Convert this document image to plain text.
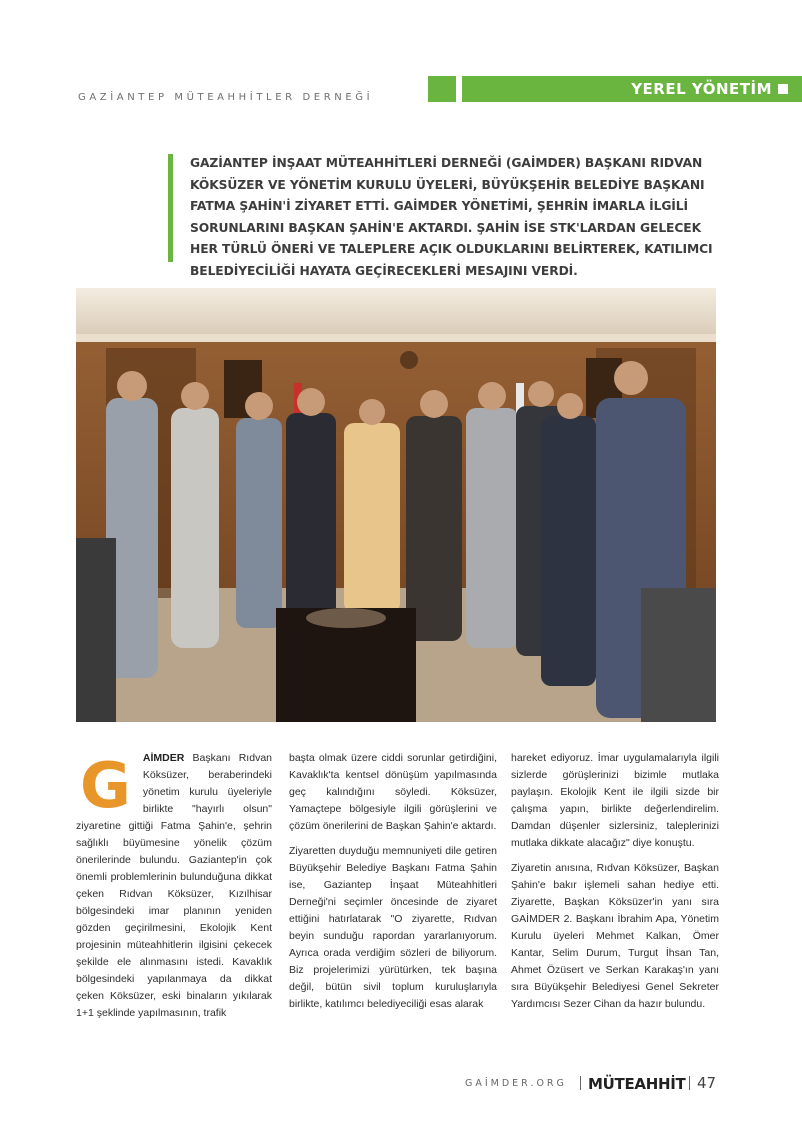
GAZİANTEP MÜTEAHHİTLER DERNEĞİ	YEREL YÖNETİM
GAZİANTEP İNŞAAT MÜTEAHHİTLERİ DERNEĞİ (GAİMDER) BAŞKANI RIDVAN KÖKSÜZER VE YÖNETİM KURULU ÜYELERİ, BÜYÜKŞEHİR BELEDİYE BAŞKANI FATMA ŞAHİN'İ ZİYARET ETTİ. GAİMDER YÖNETİMİ, ŞEHRİN İMARLA İLGİLİ SORUNLARINI BAŞKAN ŞAHİN'E AKTARDI. ŞAHİN İSE STK'LARDAN GELECEK HER TÜRLÜ ÖNERİ VE TALEPLERE AÇIK OLDUKLARINI BELİRTEREK, KATILIMCI BELEDİYECİLİĞİ HAYATA GEÇİRECEKLERİ MESAJINI VERDİ.
G AİMDER Başkanı Rıdvan Köksüzer, beraberindeki yönetim kurulu üyeleriyle birlikte "hayırlı olsun" ziyaretine gittiği Fatma Şahin'e, şehrin sağlıklı büyümesine yönelik çözüm önerilerinde bulundu. Gaziantep'in çok önemli problemlerinin bulunduğuna dikkat çeken Rıdvan Köksüzer, Kızılhisar bölgesindeki imar planının yeniden gözden geçirilmesini, Ekolojik Kent projesinin müteahhitlerin ilgisini çekecek şekilde ele alınmasını istedi. Kavaklık bölgesindeki yapılanmaya da dikkat çeken Köksüzer, eski binaların yıkılarak 1+1 şeklinde yapılmasının, trafik

başta olmak üzere ciddi sorunlar getirdiğini, Kavaklık'ta kentsel dönüşüm yapılmasında geç kalındığını söyledi. Köksüzer, Yamaçtepe bölgesiyle ilgili görüşlerini ve çözüm önerilerini de Başkan Şahin'e aktardı.

Ziyaretten duyduğu memnuniyeti dile getiren Büyükşehir Belediye Başkanı Fatma Şahin ise, Gaziantep İnşaat Müteahhitleri Derneği'ni seçimler öncesinde de ziyaret ettiğini hatırlatarak "O ziyarette, Rıdvan beyin sunduğu rapordan yararlanıyorum. Ayrıca orada verdiğim sözleri de biliyorum. Biz projelerimizi yürütürken, tek başına değil, bütün sivil toplum kuruluşlarıyla birlikte, katılımcı belediyeciliği esas alarak

hareket ediyoruz. İmar uygulamalarıyla ilgili sizlerde görüşlerinizi bizimle mutlaka paylaşın. Ekolojik Kent ile ilgili sizde bir çalışma yapın, birlikte değerlendirelim. Damdan düşenler sizlersiniz, taleplerinizi mutlaka dikkate alacağız" diye konuştu.

Ziyaretin anısına, Rıdvan Köksüzer, Başkan Şahin'e bakır işlemeli sahan hediye etti. Ziyarette, Başkan Köksüzer'in yanı sıra GAİMDER 2. Başkanı İbrahim Apa, Yönetim Kurulu üyeleri Mehmet Kalkan, Ömer Kantar, Selim Durum, Turgut İhsan Tan, Ahmet Özüsert ve Serkan Karakaş'ın yanı sıra Büyükşehir Belediyesi Genel Sekreter Yardımcısı Sezer Cihan da hazır bulundu.

GAİMDER.ORG MÜTEAHHİT 47
